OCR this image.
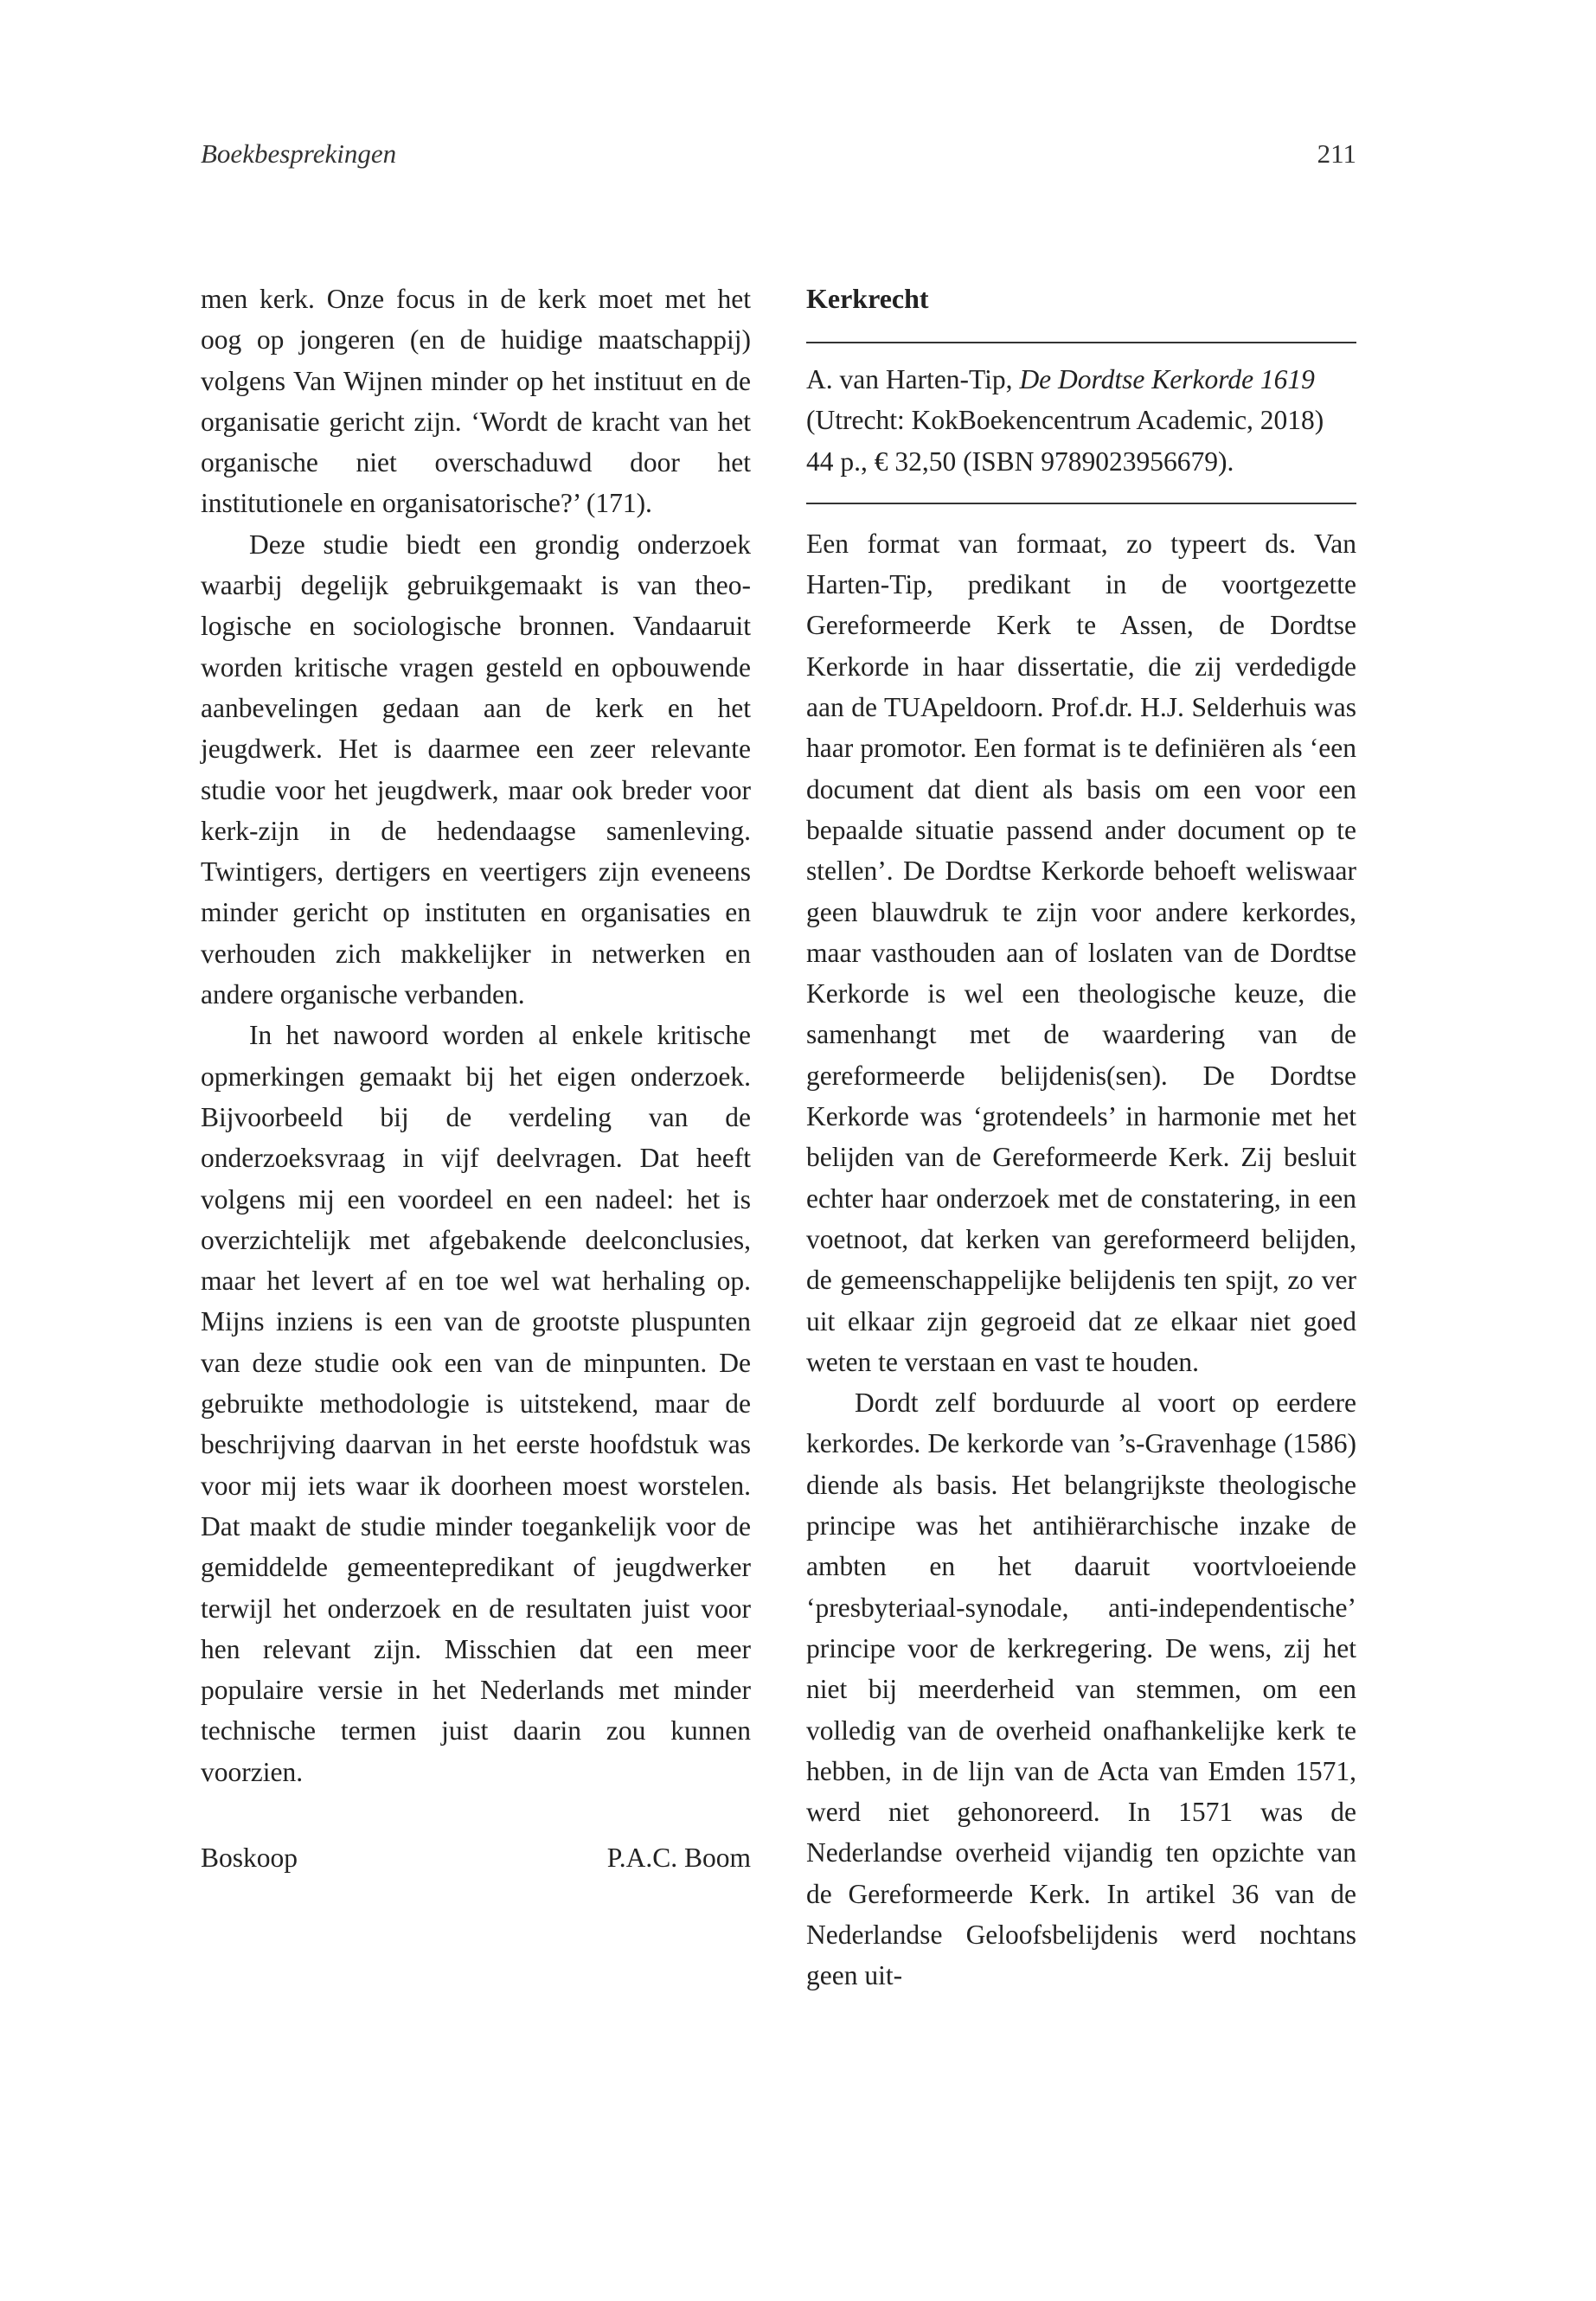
Boekbesprekingen	211

men kerk. Onze focus in de kerk moet met het oog op jongeren (en de huidige maatschappij) volgens Van Wijnen minder op het instituut en de organisatie gericht zijn. ‘Wordt de kracht van het organische niet overschaduwd door het institutionele en organisatorische?’ (171).

Deze studie biedt een grondig onderzoek waarbij degelijk gebruikgemaakt is van theologische en sociologische bronnen. Vandaaruit worden kritische vragen gesteld en opbouwende aanbevelingen gedaan aan de kerk en het jeugdwerk. Het is daarmee een zeer relevante studie voor het jeugdwerk, maar ook breder voor kerk-zijn in de hedendaagse samenleving. Twintigers, dertigers en veertigers zijn eveneens minder gericht op instituten en organisaties en verhouden zich makkelijker in netwerken en andere organische verbanden.

In het nawoord worden al enkele kritische opmerkingen gemaakt bij het eigen onderzoek. Bijvoorbeeld bij de verdeling van de onderzoeksvraag in vijf deelvragen. Dat heeft volgens mij een voordeel en een nadeel: het is overzichtelijk met afgebakende deelconclusies, maar het levert af en toe wel wat herhaling op. Mijns inziens is een van de grootste pluspunten van deze studie ook een van de minpunten. De gebruikte methodologie is uitstekend, maar de beschrijving daarvan in het eerste hoofdstuk was voor mij iets waar ik doorheen moest worstelen. Dat maakt de studie minder toegankelijk voor de gemiddelde gemeentepredikant of jeugdwerker terwijl het onderzoek en de resultaten juist voor hen relevant zijn. Misschien dat een meer populaire versie in het Nederlands met minder technische termen juist daarin zou kunnen voorzien.

Boskoop	P.A.C. Boom
Kerkrecht
A. van Harten-Tip, De Dordtse Kerkorde 1619 (Utrecht: KokBoekencentrum Academic, 2018) 44 p., € 32,50 (ISBN 9789023956679).

Een format van formaat, zo typeert ds. Van Harten-Tip, predikant in de voortgezette Gereformeerde Kerk te Assen, de Dordtse Kerkorde in haar dissertatie, die zij verdedigde aan de TUApeldoorn. Prof.dr. H.J. Selderhuis was haar promotor. Een format is te definiëren als ‘een document dat dient als basis om een voor een bepaalde situatie passend ander document op te stellen’. De Dordtse Kerkorde behoeft weliswaar geen blauwdruk te zijn voor andere kerkordes, maar vasthouden aan of loslaten van de Dordtse Kerkorde is wel een theologische keuze, die samenhangt met de waardering van de gereformeerde belijdenis(sen). De Dordtse Kerkorde was ‘grotendeels’ in harmonie met het belijden van de Gereformeerde Kerk. Zij besluit echter haar onderzoek met de constatering, in een voetnoot, dat kerken van gereformeerd belijden, de gemeenschappelijke belijdenis ten spijt, zo ver uit elkaar zijn gegroeid dat ze elkaar niet goed weten te verstaan en vast te houden.

Dordt zelf borduurde al voort op eerdere kerkordes. De kerkorde van ’s-Gravenhage (1586) diende als basis. Het belangrijkste theologische principe was het antihiërarchische inzake de ambten en het daaruit voortvloeiende ‘presbyteriaal-synodale, anti-independentische’ principe voor de kerkregering. De wens, zij het niet bij meerderheid van stemmen, om een volledig van de overheid onafhankelijke kerk te hebben, in de lijn van de Acta van Emden 1571, werd niet gehonoreerd. In 1571 was de Nederlandse overheid vijandig ten opzichte van de Gereformeerde Kerk. In artikel 36 van de Nederlandse Geloofsbelijdenis werd nochtans geen uit-
